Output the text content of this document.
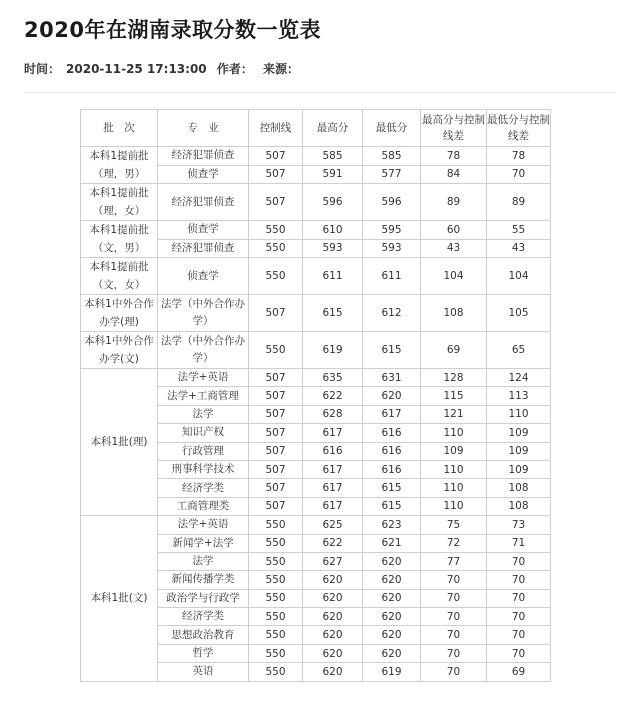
2020年在湖南录取分数一览表
时间： 2020-11-25 17:13:00 作者： 来源：
批　次	专　业	控制线	最高分	最低分	最高分与控制线差	最低分与控制线差
本科1提前批（理，男）	经济犯罪侦查	507	585	585	78	78
	侦查学	507	591	577	84	70
本科1提前批（理，女）	经济犯罪侦查	507	596	596	89	89
本科1提前批（文，男）	侦查学	550	610	595	60	55
	经济犯罪侦查	550	593	593	43	43
本科1提前批（文，女）	侦查学	550	611	611	104	104
本科1中外合作办学(理)	法学（中外合作办学）	507	615	612	108	105
本科1中外合作办学(文)	法学（中外合作办学）	550	619	615	69	65
本科1批(理)	法学+英语	507	635	631	128	124
	法学+工商管理	507	622	620	115	113
	法学	507	628	617	121	110
	知识产权	507	617	616	110	109
	行政管理	507	616	616	109	109
	刑事科学技术	507	617	616	110	109
	经济学类	507	617	615	110	108
	工商管理类	507	617	615	110	108
本科1批(文)	法学+英语	550	625	623	75	73
	新闻学+法学	550	622	621	72	71
	法学	550	627	620	77	70
	新闻传播学类	550	620	620	70	70
	政治学与行政学	550	620	620	70	70
	经济学类	550	620	620	70	70
	思想政治教育	550	620	620	70	70
	哲学	550	620	620	70	70
	英语	550	620	619	70	69
